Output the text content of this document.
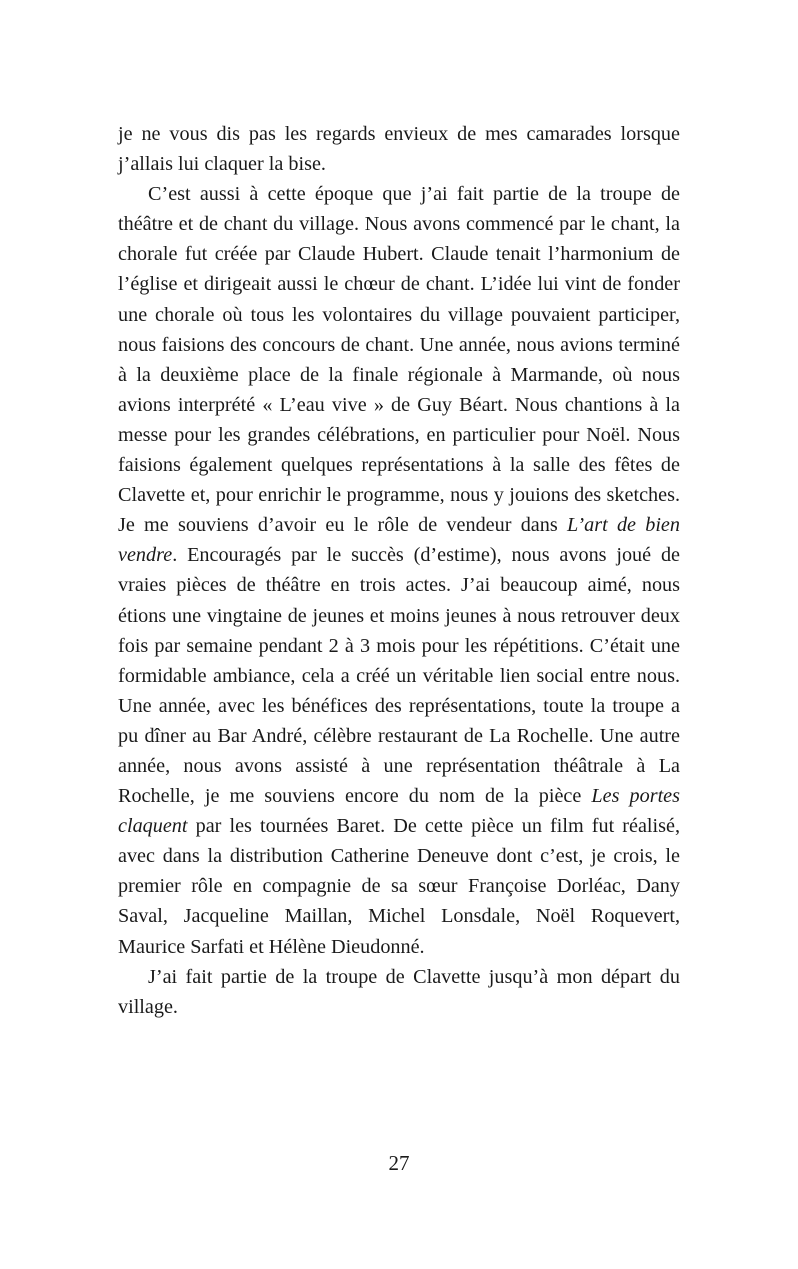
je ne vous dis pas les regards envieux de mes camarades lorsque j’allais lui claquer la bise.

C’est aussi à cette époque que j’ai fait partie de la troupe de théâtre et de chant du village. Nous avons commencé par le chant, la chorale fut créée par Claude Hubert. Claude tenait l’harmonium de l’église et dirigeait aussi le chœur de chant. L’idée lui vint de fonder une chorale où tous les volontaires du village pouvaient participer, nous faisions des concours de chant. Une année, nous avions terminé à la deuxième place de la finale régionale à Marmande, où nous avions interprété « L’eau vive » de Guy Béart. Nous chantions à la messe pour les grandes célébrations, en particulier pour Noël. Nous faisions également quelques représentations à la salle des fêtes de Clavette et, pour enrichir le programme, nous y jouions des sketches. Je me souviens d’avoir eu le rôle de vendeur dans L’art de bien vendre. Encouragés par le succès (d’estime), nous avons joué de vraies pièces de théâtre en trois actes. J’ai beaucoup aimé, nous étions une vingtaine de jeunes et moins jeunes à nous retrouver deux fois par semaine pendant 2 à 3 mois pour les répétitions. C’était une formidable ambiance, cela a créé un véritable lien social entre nous. Une année, avec les bénéfices des représentations, toute la troupe a pu dîner au Bar André, célèbre restaurant de La Rochelle. Une autre année, nous avons assisté à une représentation théâtrale à La Rochelle, je me souviens encore du nom de la pièce Les portes claquent par les tournées Baret. De cette pièce un film fut réalisé, avec dans la distribution Catherine Deneuve dont c’est, je crois, le premier rôle en compagnie de sa sœur Françoise Dorléac, Dany Saval, Jacqueline Maillan, Michel Lonsdale, Noël Roquevert, Maurice Sarfati et Hélène Dieudonné.

J’ai fait partie de la troupe de Clavette jusqu’à mon départ du village.

27
